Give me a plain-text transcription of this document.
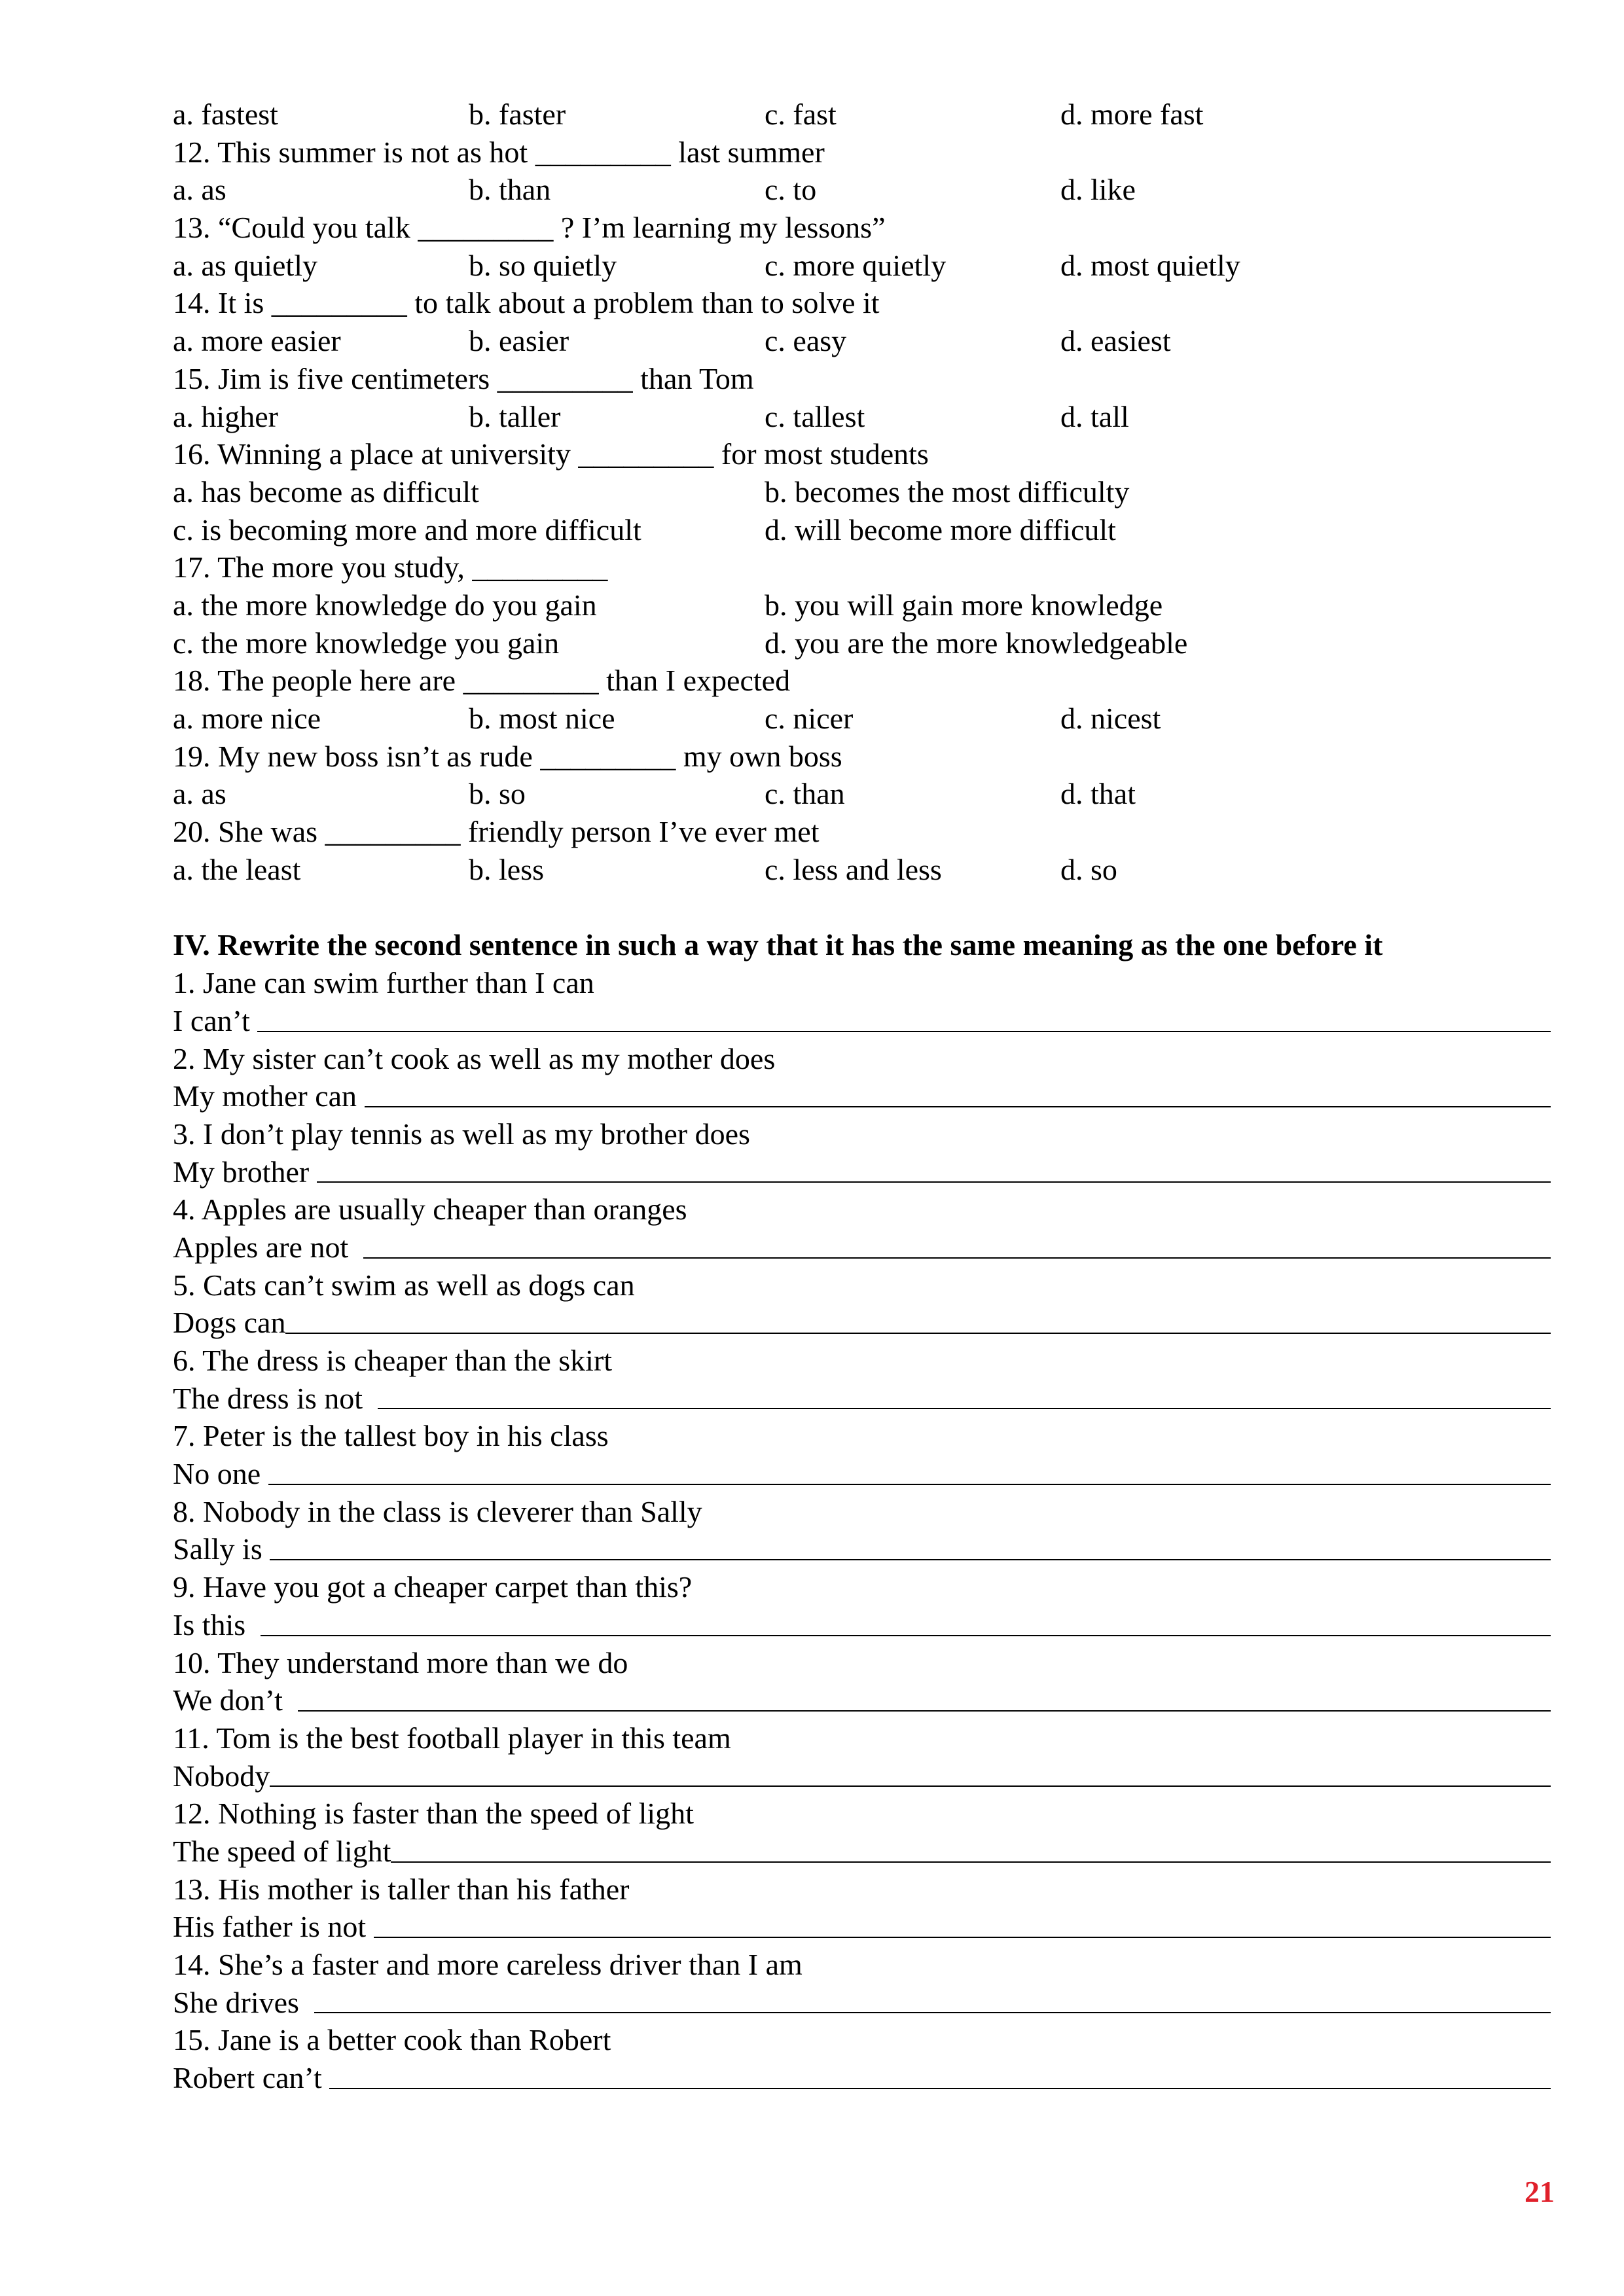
a. fastest	b. faster	c. fast	d. more fast
12. This summer is not as hot _________ last summer
a. as	b. than	c. to	d. like
13. “Could you talk _________ ? I’m learning my lessons”
a. as quietly	b. so quietly	c. more quietly	d. most quietly
14. It is _________ to talk about a problem than to solve it
a. more easier	b. easier	c. easy	d. easiest
15. Jim is five centimeters _________ than Tom
a. higher	b. taller	c. tallest	d. tall
16. Winning a place at university _________ for most students
a. has become as difficult	b. becomes the most difficulty
c. is becoming more and more difficult	d. will become more difficult
17. The more you study, _________
a. the more knowledge do you gain	b. you will gain more knowledge
c. the more knowledge you gain	d. you are the more knowledgeable
18. The people here are _________ than I expected
a. more nice	b. most nice	c. nicer	d. nicest
19. My new boss isn’t as rude _________ my own boss
a. as	b. so	c. than	d. that
20. She was _________ friendly person I’ve ever met
a. the least	b. less	c. less and less	d. so
IV. Rewrite the second sentence in such a way that it has the same meaning as the one before it
1. Jane can swim further than I can
I can’t
2. My sister can’t cook as well as my mother does
My mother can
3. I don’t play tennis as well as my brother does
My brother
4. Apples are usually cheaper than oranges
Apples are not
5. Cats can’t swim as well as dogs can
Dogs can
6. The dress is cheaper than the skirt
The dress is not
7. Peter is the tallest boy in his class
No one
8. Nobody in the class is cleverer than Sally
Sally is
9. Have you got a cheaper carpet than this?
Is this
10. They understand more than we do
We don’t
11. Tom is the best football player in this team
Nobody
12. Nothing is faster than the speed of light
The speed of light
13. His mother is taller than his father
His father is not
14. She’s a faster and more careless driver than I am
She drives
15. Jane is a better cook than Robert
Robert can’t
21
